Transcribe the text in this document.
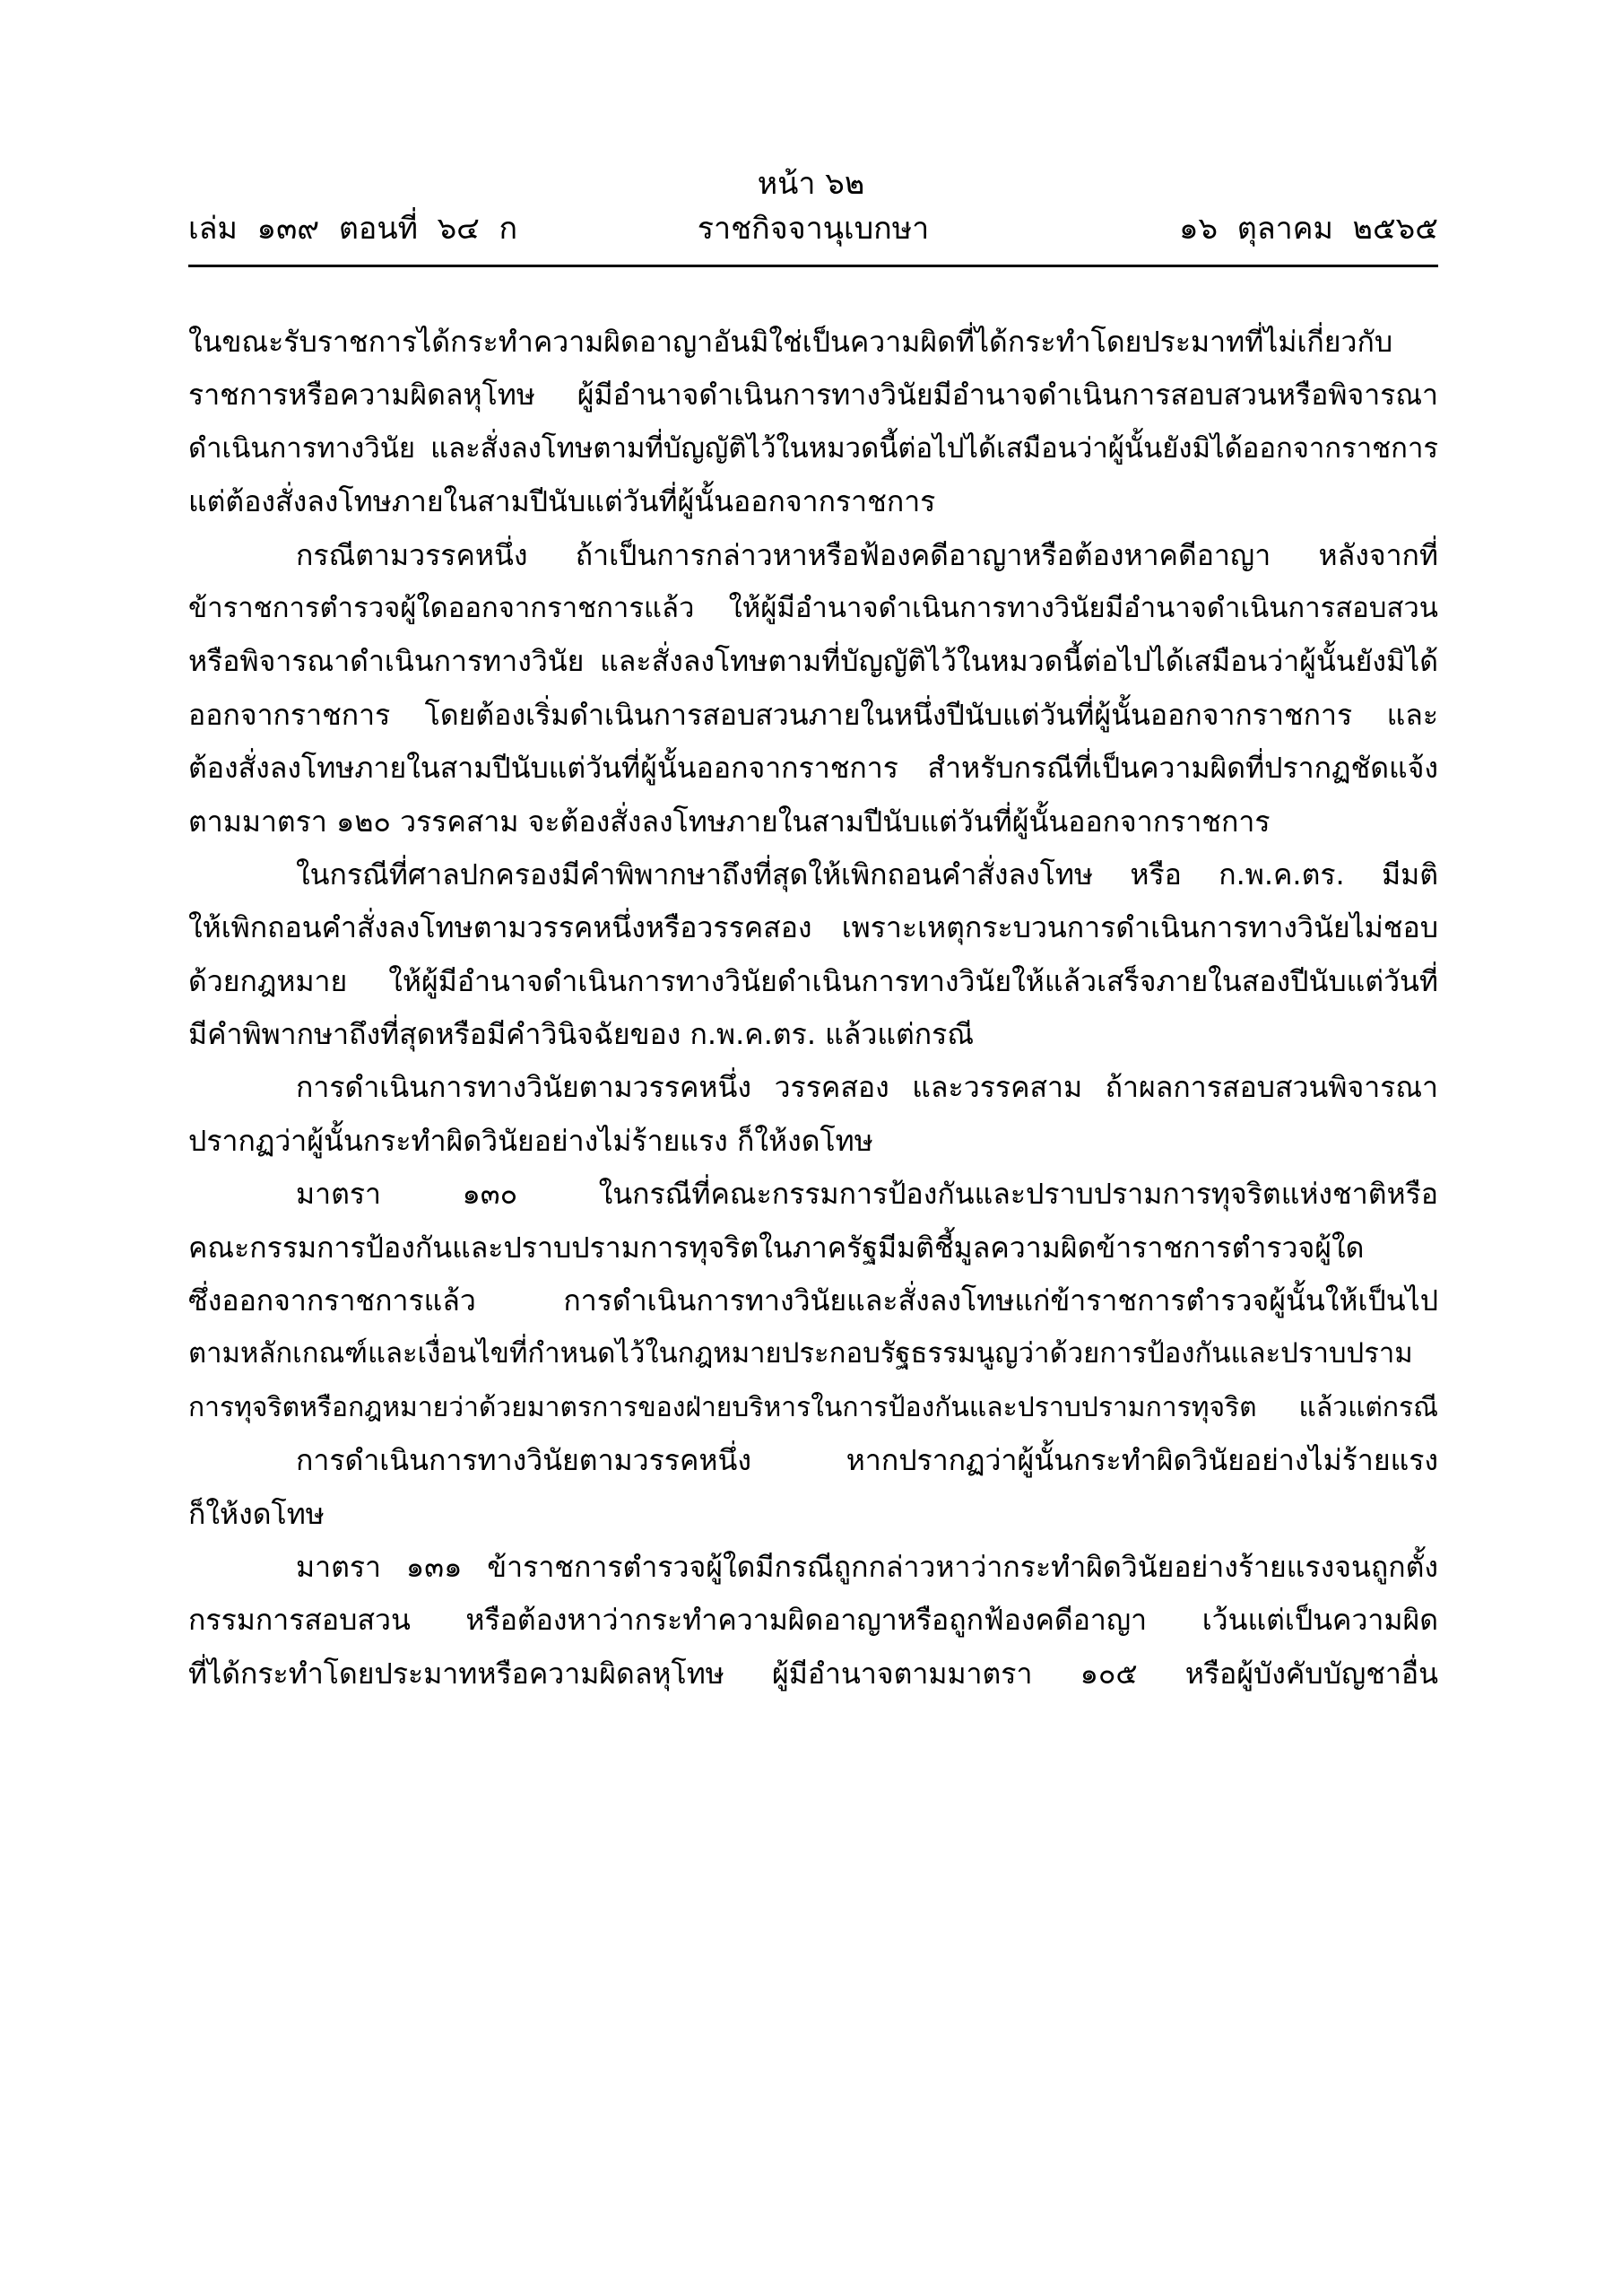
หน้า ๖๒
เล่ม  ๑๓๙  ตอนที่  ๖๔  ก	ราชกิจจานุเบกษา	๑๖  ตุลาคม  ๒๕๖๕
ในขณะรับราชการได้กระทำความผิดอาญาอันมิใช่เป็นความผิดที่ได้กระทำโดยประมาทที่ไม่เกี่ยวกับ
ราชการหรือความผิดลหุโทษ ผู้มีอำนาจดำเนินการทางวินัยมีอำนาจดำเนินการสอบสวนหรือพิจารณา
ดำเนินการทางวินัย และสั่งลงโทษตามที่บัญญัติไว้ในหมวดนี้ต่อไปได้เสมือนว่าผู้นั้นยังมิได้ออกจากราชการ
แต่ต้องสั่งลงโทษภายในสามปีนับแต่วันที่ผู้นั้นออกจากราชการ
กรณีตามวรรคหนึ่ง ถ้าเป็นการกล่าวหาหรือฟ้องคดีอาญาหรือต้องหาคดีอาญา หลังจากที่
ข้าราชการตำรวจผู้ใดออกจากราชการแล้ว ให้ผู้มีอำนาจดำเนินการทางวินัยมีอำนาจดำเนินการสอบสวน
หรือพิจารณาดำเนินการทางวินัย และสั่งลงโทษตามที่บัญญัติไว้ในหมวดนี้ต่อไปได้เสมือนว่าผู้นั้นยังมิได้
ออกจากราชการ โดยต้องเริ่มดำเนินการสอบสวนภายในหนึ่งปีนับแต่วันที่ผู้นั้นออกจากราชการ และ
ต้องสั่งลงโทษภายในสามปีนับแต่วันที่ผู้นั้นออกจากราชการ สำหรับกรณีที่เป็นความผิดที่ปรากฏชัดแจ้ง
ตามมาตรา ๑๒๐ วรรคสาม จะต้องสั่งลงโทษภายในสามปีนับแต่วันที่ผู้นั้นออกจากราชการ
ในกรณีที่ศาลปกครองมีคำพิพากษาถึงที่สุดให้เพิกถอนคำสั่งลงโทษ หรือ ก.พ.ค.ตร. มีมติ
ให้เพิกถอนคำสั่งลงโทษตามวรรคหนึ่งหรือวรรคสอง เพราะเหตุกระบวนการดำเนินการทางวินัยไม่ชอบ
ด้วยกฎหมาย ให้ผู้มีอำนาจดำเนินการทางวินัยดำเนินการทางวินัยให้แล้วเสร็จภายในสองปีนับแต่วันที่
มีคำพิพากษาถึงที่สุดหรือมีคำวินิจฉัยของ ก.พ.ค.ตร. แล้วแต่กรณี
การดำเนินการทางวินัยตามวรรคหนึ่ง วรรคสอง และวรรคสาม ถ้าผลการสอบสวนพิจารณา
ปรากฏว่าผู้นั้นกระทำผิดวินัยอย่างไม่ร้ายแรง ก็ให้งดโทษ
มาตรา ๑๓๐ ในกรณีที่คณะกรรมการป้องกันและปราบปรามการทุจริตแห่งชาติหรือ
คณะกรรมการป้องกันและปราบปรามการทุจริตในภาครัฐมีมติชี้มูลความผิดข้าราชการตำรวจผู้ใด
ซึ่งออกจากราชการแล้ว การดำเนินการทางวินัยและสั่งลงโทษแก่ข้าราชการตำรวจผู้นั้นให้เป็นไป
ตามหลักเกณฑ์และเงื่อนไขที่กำหนดไว้ในกฎหมายประกอบรัฐธรรมนูญว่าด้วยการป้องกันและปราบปราม
การทุจริตหรือกฎหมายว่าด้วยมาตรการของฝ่ายบริหารในการป้องกันและปราบปรามการทุจริต แล้วแต่กรณี
การดำเนินการทางวินัยตามวรรคหนึ่ง หากปรากฏว่าผู้นั้นกระทำผิดวินัยอย่างไม่ร้ายแรง
ก็ให้งดโทษ
มาตรา ๑๓๑ ข้าราชการตำรวจผู้ใดมีกรณีถูกกล่าวหาว่ากระทำผิดวินัยอย่างร้ายแรงจนถูกตั้ง
กรรมการสอบสวน หรือต้องหาว่ากระทำความผิดอาญาหรือถูกฟ้องคดีอาญา เว้นแต่เป็นความผิด
ที่ได้กระทำโดยประมาทหรือความผิดลหุโทษ ผู้มีอำนาจตามมาตรา ๑๐๕ หรือผู้บังคับบัญชาอื่น
